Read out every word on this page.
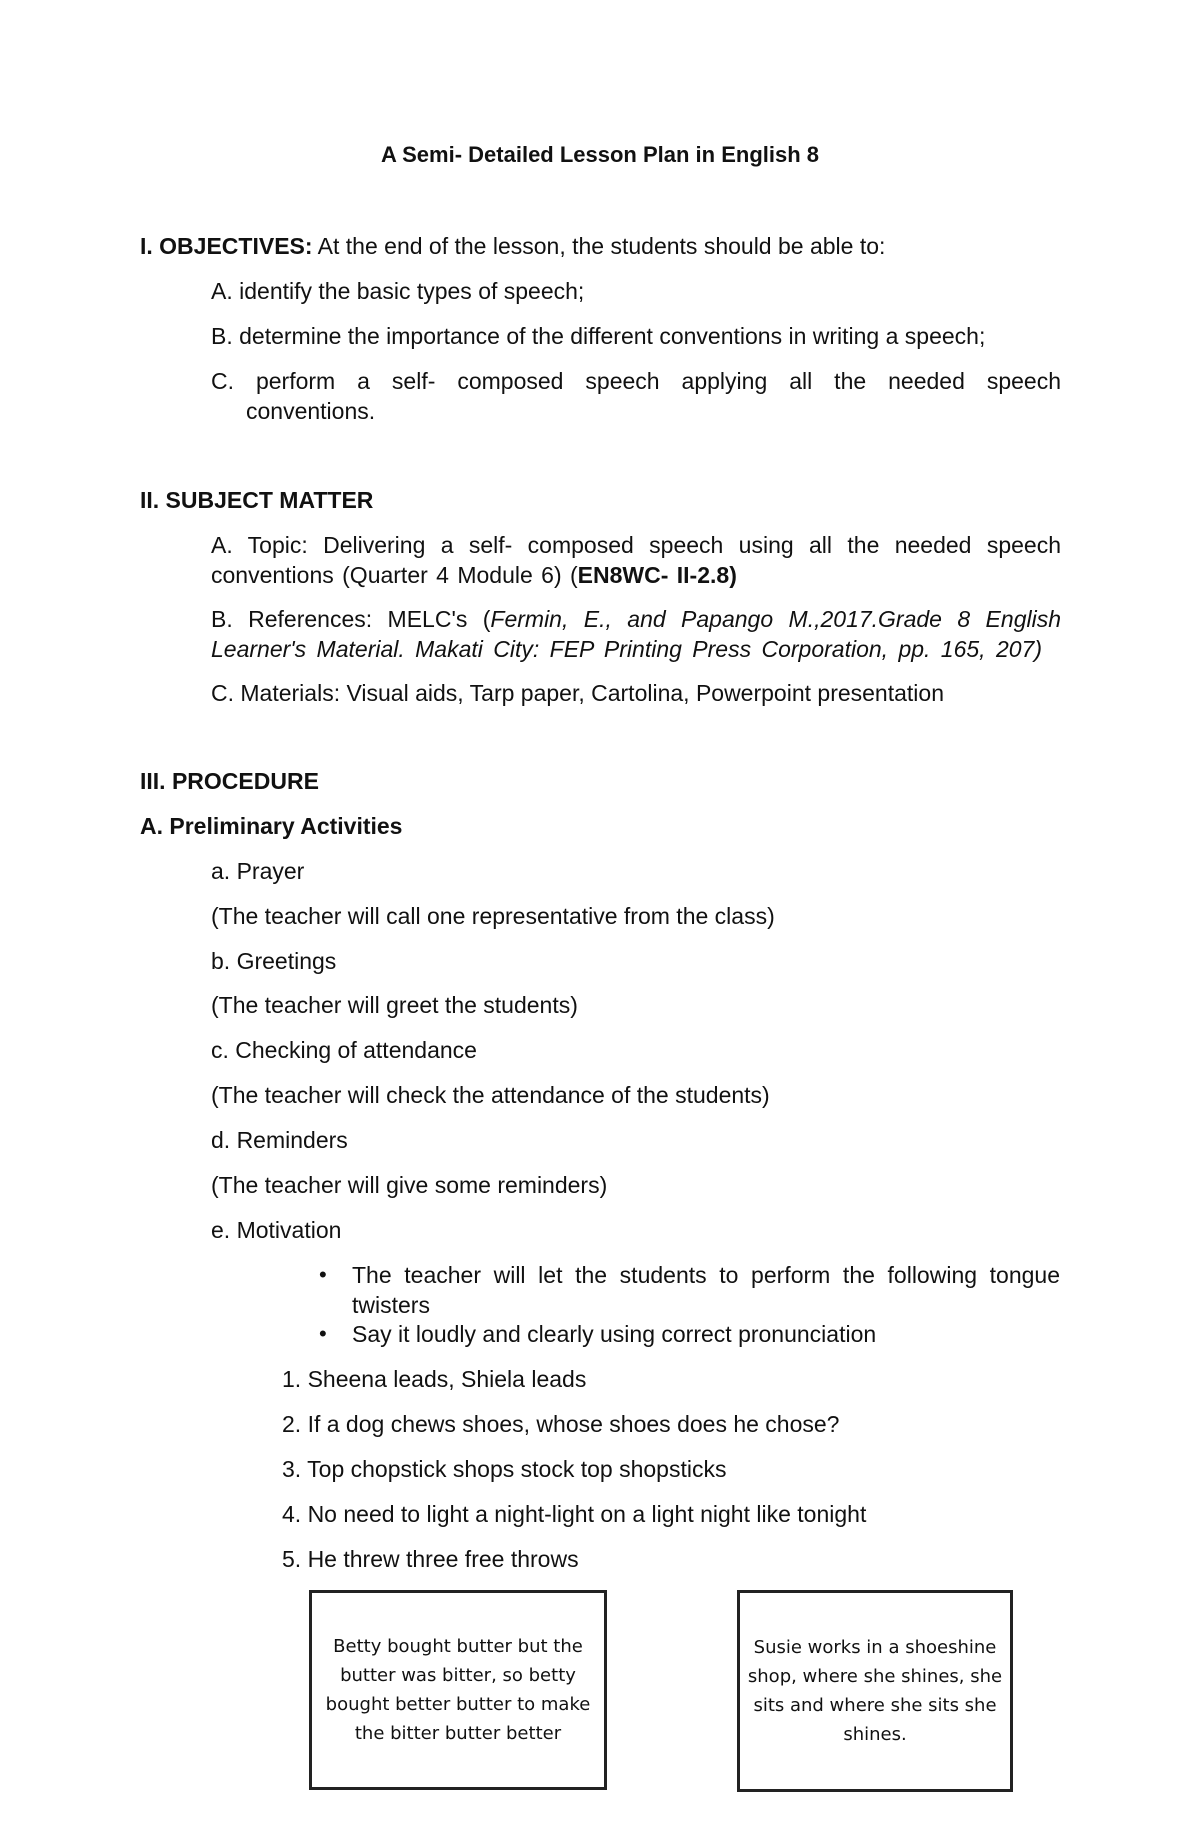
A Semi- Detailed Lesson Plan in English 8
I. OBJECTIVES: At the end of the lesson, the students should be able to:
A. identify the basic types of speech;
B. determine the importance of the different conventions in writing a speech;
C. perform a self- composed speech applying all the needed speech conventions.
II. SUBJECT MATTER
A. Topic: Delivering a self- composed speech using all the needed speech conventions (Quarter 4 Module 6) (EN8WC- II-2.8)
B. References: MELC's (Fermin, E., and Papango M.,2017.Grade 8 English Learner's Material. Makati City: FEP Printing Press Corporation, pp. 165, 207)
C. Materials: Visual aids, Tarp paper, Cartolina, Powerpoint presentation
III. PROCEDURE
A. Preliminary Activities
a. Prayer
(The teacher will call one representative from the class)
b. Greetings
(The teacher will greet the students)
c. Checking of attendance
(The teacher will check the attendance of the students)
d. Reminders
(The teacher will give some reminders)
e. Motivation
• The teacher will let the students to perform the following tongue twisters
• Say it loudly and clearly using correct pronunciation
1. Sheena leads, Shiela leads
2. If a dog chews shoes, whose shoes does he chose?
3. Top chopstick shops stock top shopsticks
4. No need to light a night-light on a light night like tonight
5. He threw three free throws
Betty bought butter but the
butter was bitter, so betty
bought better butter to make
the bitter butter better
Susie works in a shoeshine
shop, where she shines, she
sits and where she sits she
shines.
